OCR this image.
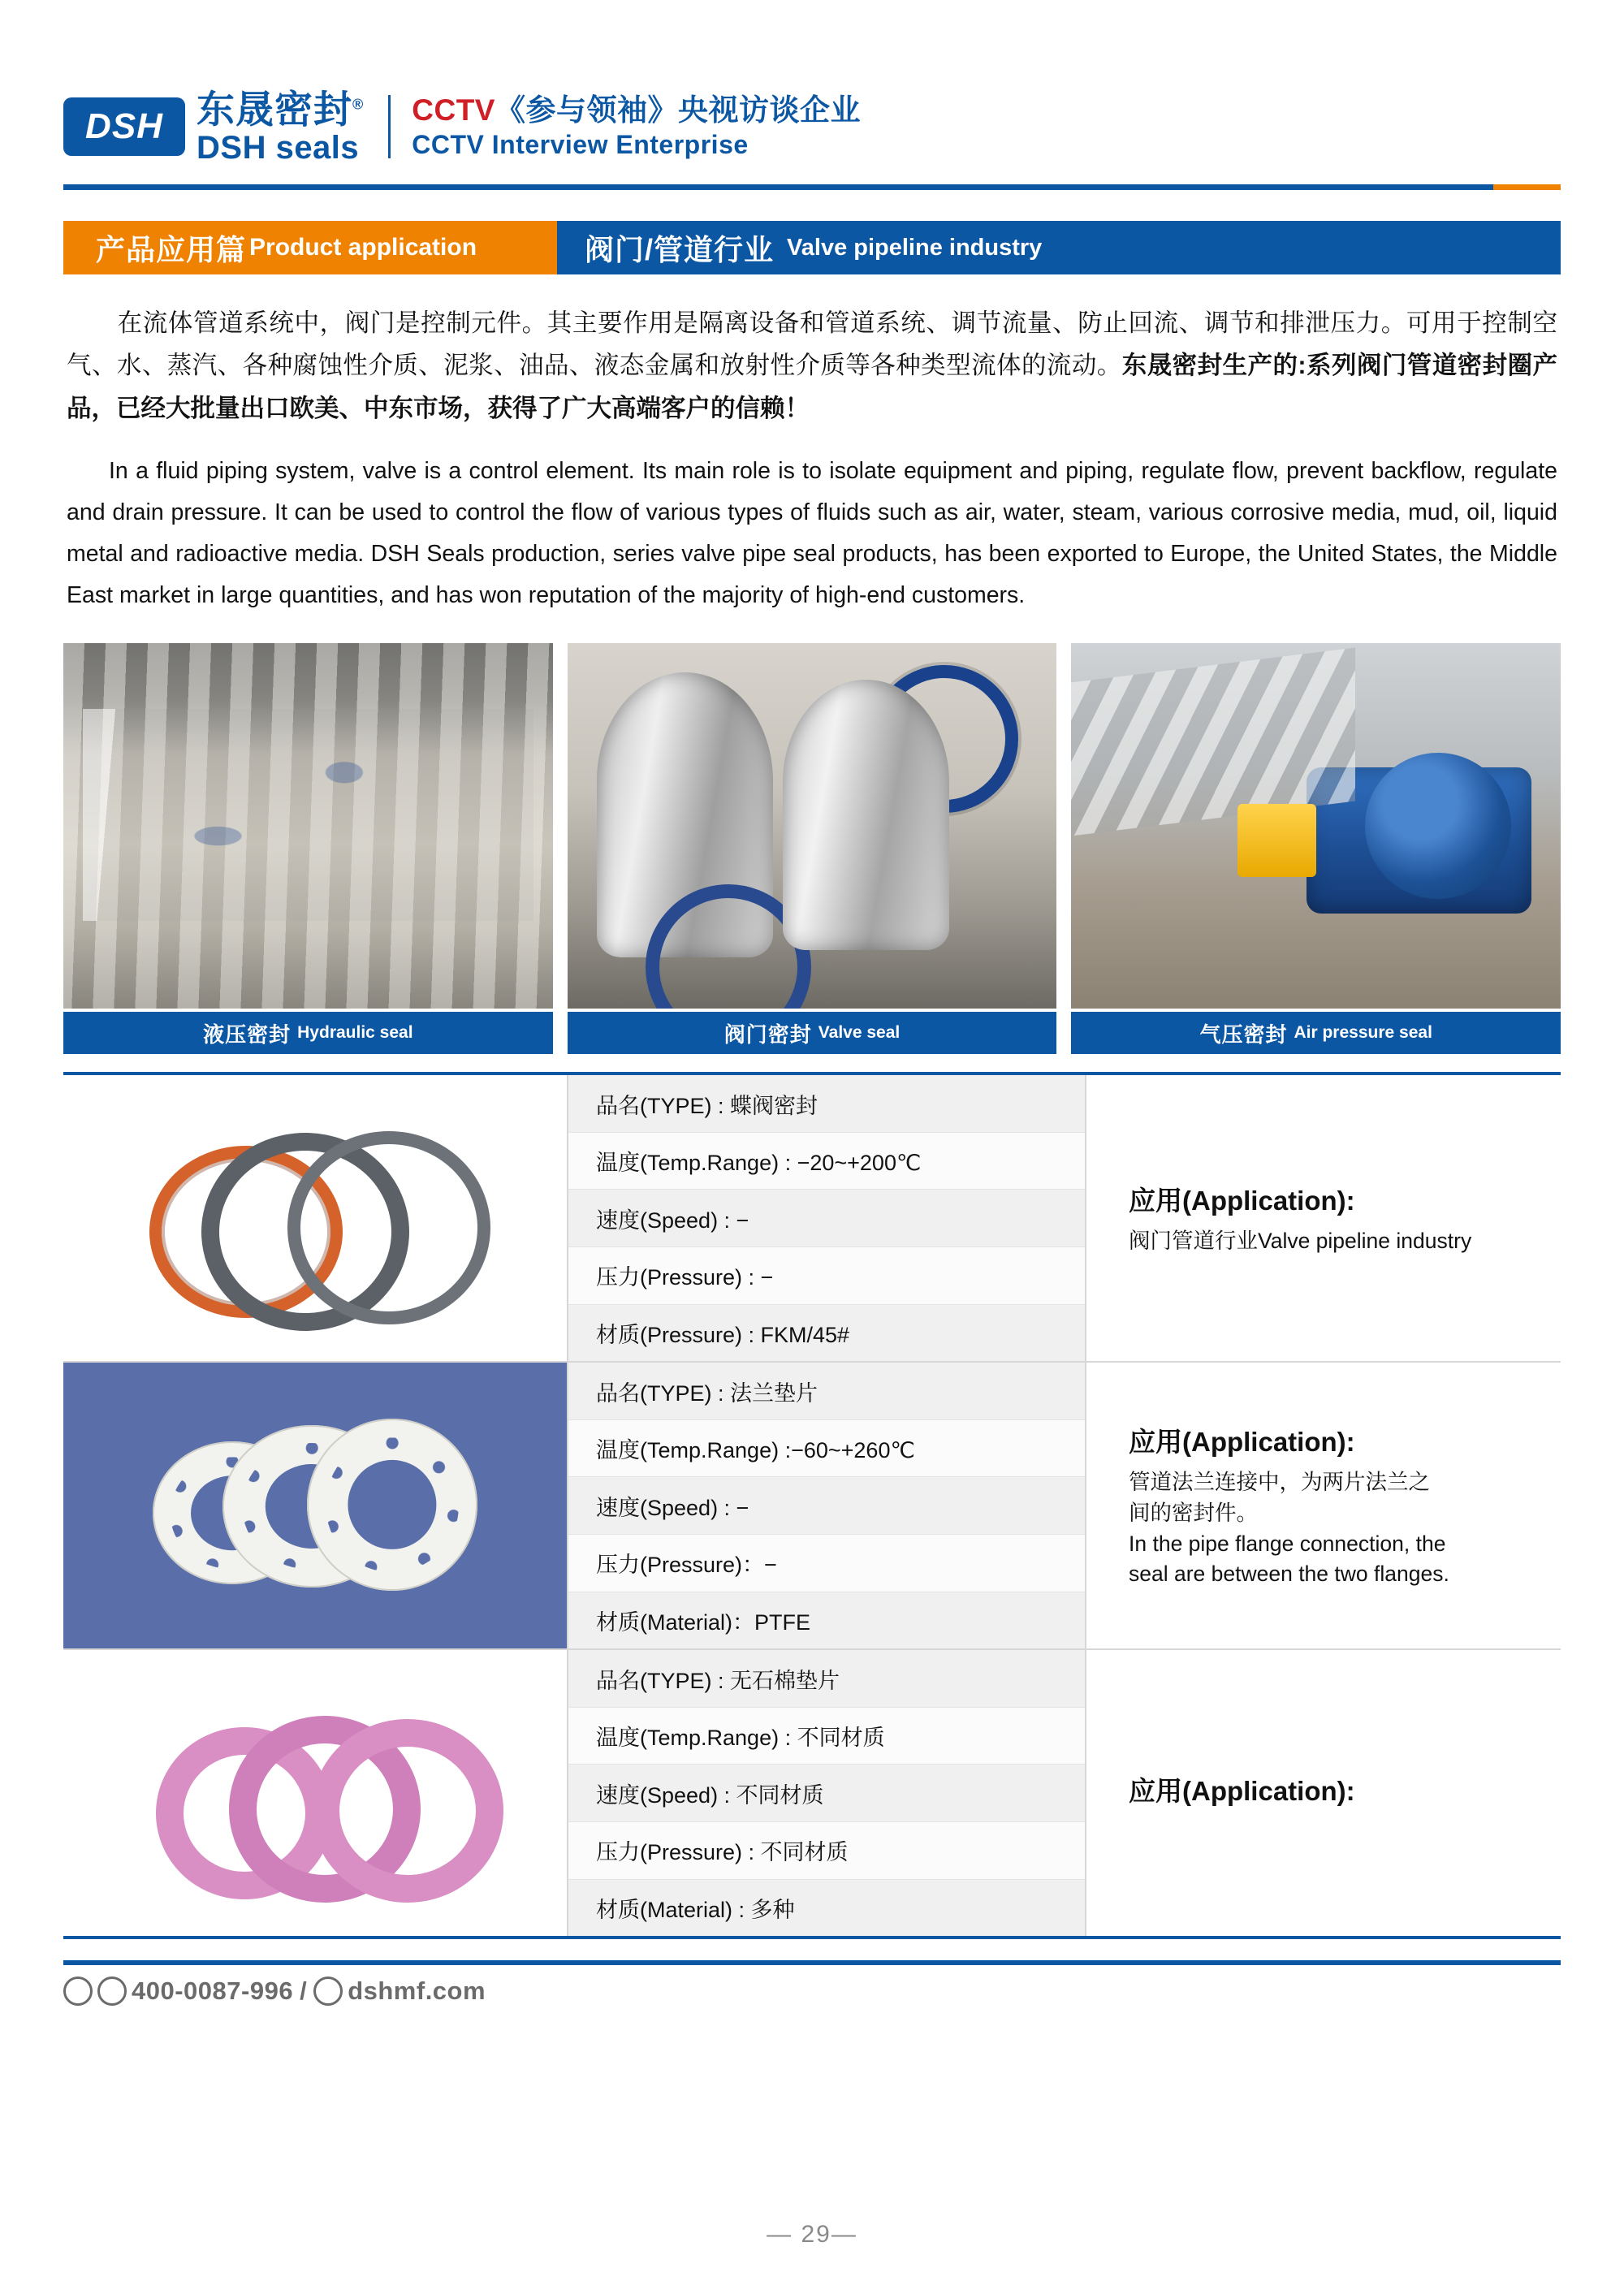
DSH 东晟密封®
DSH seals
CCTV《参与领袖》央视访谈企业
CCTV Interview Enterprise
产品应用篇 Product application	阀门/管道行业 Valve pipeline industry
在流体管道系统中，阀门是控制元件。其主要作用是隔离设备和管道系统、调节流量、防止回流、调节和排泄压力。可用于控制空气、水、蒸汽、各种腐蚀性介质、泥浆、油品、液态金属和放射性介质等各种类型流体的流动。东晟密封生产的:系列阀门管道密封圈产品，已经大批量出口欧美、中东市场，获得了广大高端客户的信赖！
In a fluid piping system, valve is a control element. Its main role is to isolate equipment and piping, regulate flow, prevent backflow, regulate and drain pressure. It can be used to control the flow of various types of fluids such as air, water, steam, various corrosive media, mud, oil, liquid metal and radioactive media. DSH Seals production, series valve pipe seal products, has been exported to Europe, the United States, the Middle East market in large quantities, and has won reputation of the majority of high-end customers.
液压密封 Hydraulic seal	阀门密封 Valve seal	气压密封 Air pressure seal
品名(TYPE) : 蝶阀密封
温度(Temp.Range) : −20~+200℃
速度(Speed) : −
压力(Pressure) : −
材质(Pressure) : FKM/45#
应用(Application):
阀门管道行业Valve pipeline industry
品名(TYPE) : 法兰垫片
温度(Temp.Range) :−60~+260℃
速度(Speed) : −
压力(Pressure)：−
材质(Material)：PTFE
应用(Application):
管道法兰连接中，为两片法兰之
间的密封件。
In the pipe flange connection, the
seal are between the two flanges.
品名(TYPE) : 无石棉垫片
温度(Temp.Range) : 不同材质
速度(Speed) : 不同材质
压力(Pressure) : 不同材质
材质(Material) : 多种
应用(Application):
400-0087-996 / dshmf.com
— 29—
